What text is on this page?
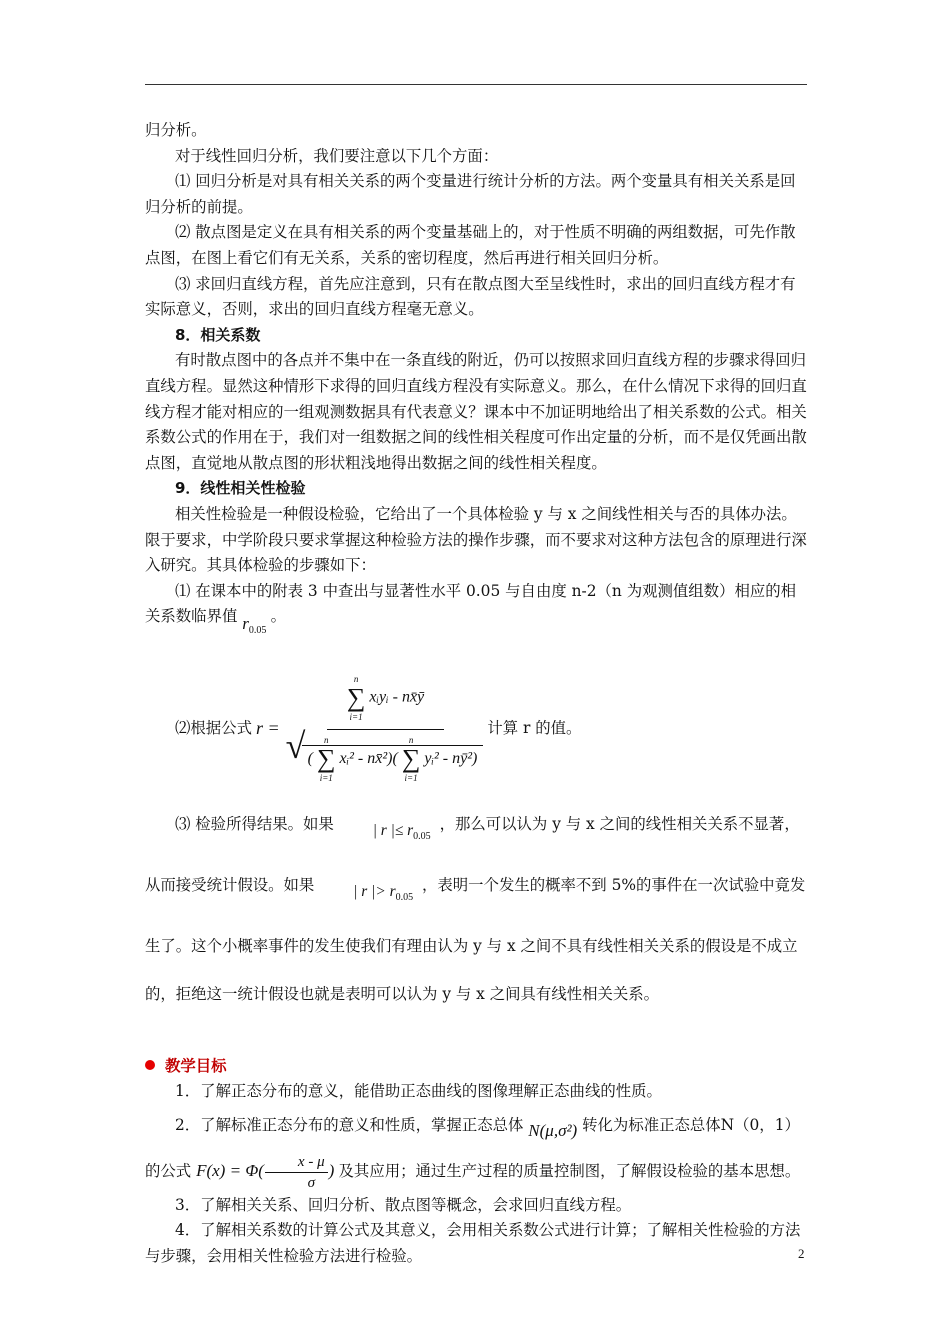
归分析。

对于线性回归分析，我们要注意以下几个方面：

⑴ 回归分析是对具有相关关系的两个变量进行统计分析的方法。两个变量具有相关关系是回归分析的前提。

⑵ 散点图是定义在具有相关系的两个变量基础上的，对于性质不明确的两组数据，可先作散点图，在图上看它们有无关系，关系的密切程度，然后再进行相关回归分析。

⑶ 求回归直线方程，首先应注意到，只有在散点图大至呈线性时，求出的回归直线方程才有实际意义，否则，求出的回归直线方程毫无意义。

8．相关系数

有时散点图中的各点并不集中在一条直线的附近，仍可以按照求回归直线方程的步骤求得回归直线方程。显然这种情形下求得的回归直线方程没有实际意义。那么，在什么情况下求得的回归直线方程才能对相应的一组观测数据具有代表意义？课本中不加证明地给出了相关系数的公式。相关系数公式的作用在于，我们对一组数据之间的线性相关程度可作出定量的分析，而不是仅凭画出散点图，直觉地从散点图的形状粗浅地得出数据之间的线性相关程度。

9．线性相关性检验

相关性检验是一种假设检验，它给出了一个具体检验 y 与 x 之间线性相关与否的具体办法。限于要求，中学阶段只要求掌握这种检验方法的操作步骤，而不要求对这种方法包含的原理进行深入研究。其具体检验的步骤如下：

⑴ 在课本中的附表 3 中查出与显著性水平 0.05 与自由度 n-2（n 为观测值组数）相应的相关系数临界值 $r_{0.05}$ 。

⑵根据公式 r =
n
∑
i=1
xᵢyᵢ - nx̄ȳ
√ (
n
∑
i=1
xᵢ² - nx̄²)(
n
∑
i=1
yᵢ² - nȳ²)
计算 r 的值。

⑶ 检验所得结果。如果	| r |≤ $r_{0.05}$ ，那么可以认为 y 与 x 之间的线性相关关系不显著，从而接受统计假设。如果	| r |> $r_{0.05}$ ，表明一个发生的概率不到 5%的事件在一次试验中竟发生了。这个小概率事件的发生使我们有理由认为 y 与 x 之间不具有线性相关关系的假设是不成立的，拒绝这一统计假设也就是表明可以认为 y 与 x 之间具有线性相关关系。

教学目标

1．了解正态分布的意义，能借助正态曲线的图像理解正态曲线的性质。

2．了解标准正态分布的意义和性质，掌握正态总体 N(μ,σ²) 转化为标准正态总体N（0，1）的公式 $F(x) = \Phi( \frac{x - \mu}{\sigma}$ ) 及其应用；通过生产过程的质量控制图，了解假设检验的基本思想。

3．了解相关关系、回归分析、散点图等概念，会求回归直线方程。

4．了解相关系数的计算公式及其意义，会用相关系数公式进行计算；了解相关性检验的方法与步骤，会用相关性检验方法进行检验。	2
